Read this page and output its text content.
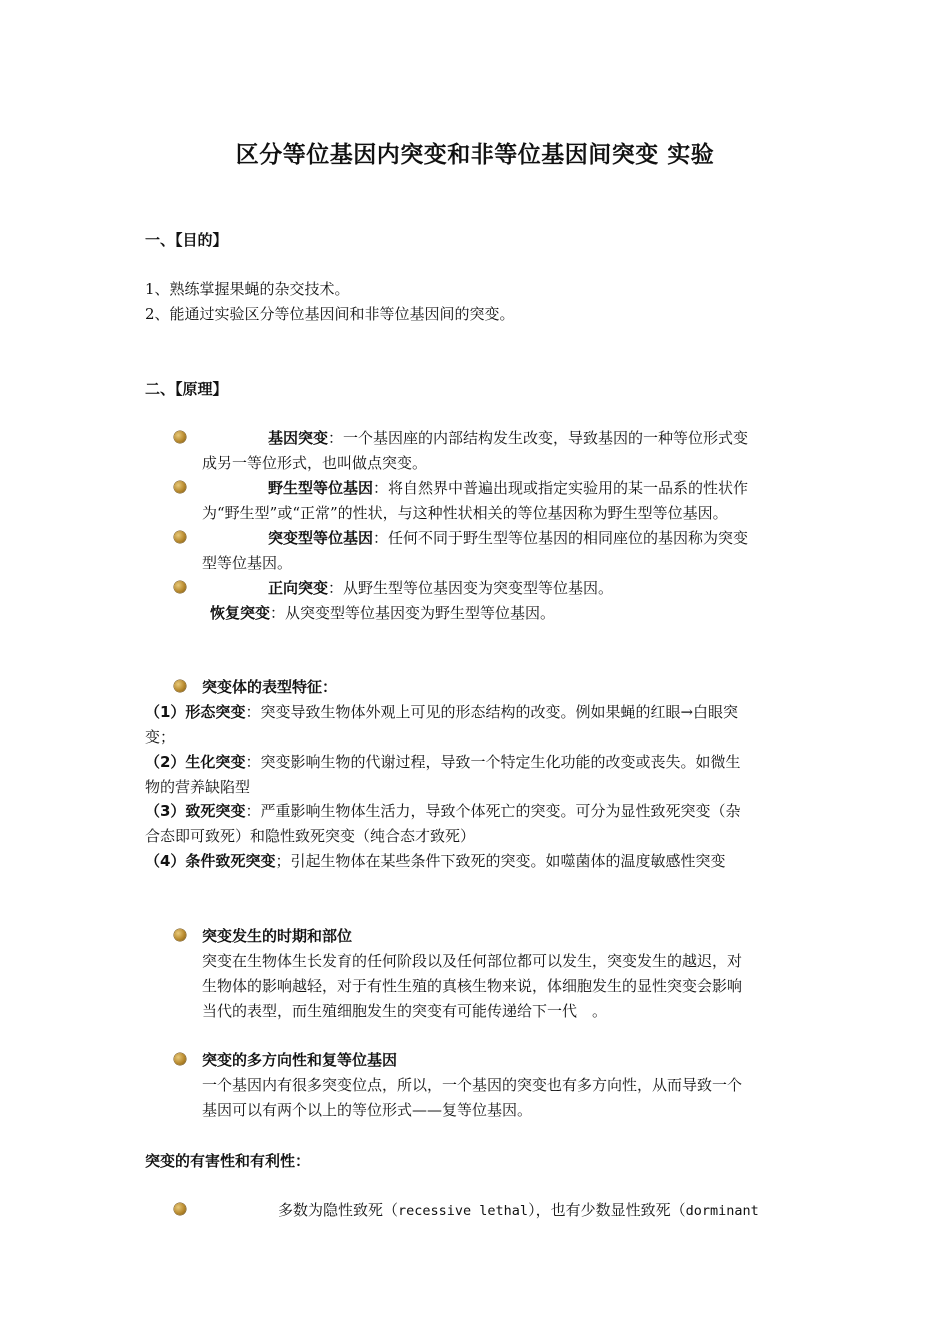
区分等位基因内突变和非等位基因间突变 实验
一、【目的】
1、熟练掌握果蝇的杂交技术。
2、能通过实验区分等位基因间和非等位基因间的突变。
二、【原理】
基因突变：一个基因座的内部结构发生改变，导致基因的一种等位形式变
成另一等位形式，也叫做点突变。
野生型等位基因：将自然界中普遍出现或指定实验用的某一品系的性状作
为“野生型”或“正常”的性状，与这种性状相关的等位基因称为野生型等位基因。
突变型等位基因：任何不同于野生型等位基因的相同座位的基因称为突变
型等位基因。
正向突变：从野生型等位基因变为突变型等位基因。
恢复突变：从突变型等位基因变为野生型等位基因。
突变体的表型特征：
（1）形态突变：突变导致生物体外观上可见的形态结构的改变。例如果蝇的红眼→白眼突
变；
（2）生化突变：突变影响生物的代谢过程，导致一个特定生化功能的改变或丧失。如微生
物的营养缺陷型
（3）致死突变：严重影响生物体生活力，导致个体死亡的突变。可分为显性致死突变（杂
合态即可致死）和隐性致死突变（纯合态才致死）
（4）条件致死突变；引起生物体在某些条件下致死的突变。如噬菌体的温度敏感性突变
突变发生的时期和部位
突变在生物体生长发育的任何阶段以及任何部位都可以发生，突变发生的越迟，对
生物体的影响越轻，对于有性生殖的真核生物来说，体细胞发生的显性突变会影响
当代的表型，而生殖细胞发生的突变有可能传递给下一代　。
突变的多方向性和复等位基因
一个基因内有很多突变位点，所以，一个基因的突变也有多方向性，从而导致一个
基因可以有两个以上的等位形式——复等位基因。
突变的有害性和有利性：
多数为隐性致死（recessive lethal），也有少数显性致死（dorminant
